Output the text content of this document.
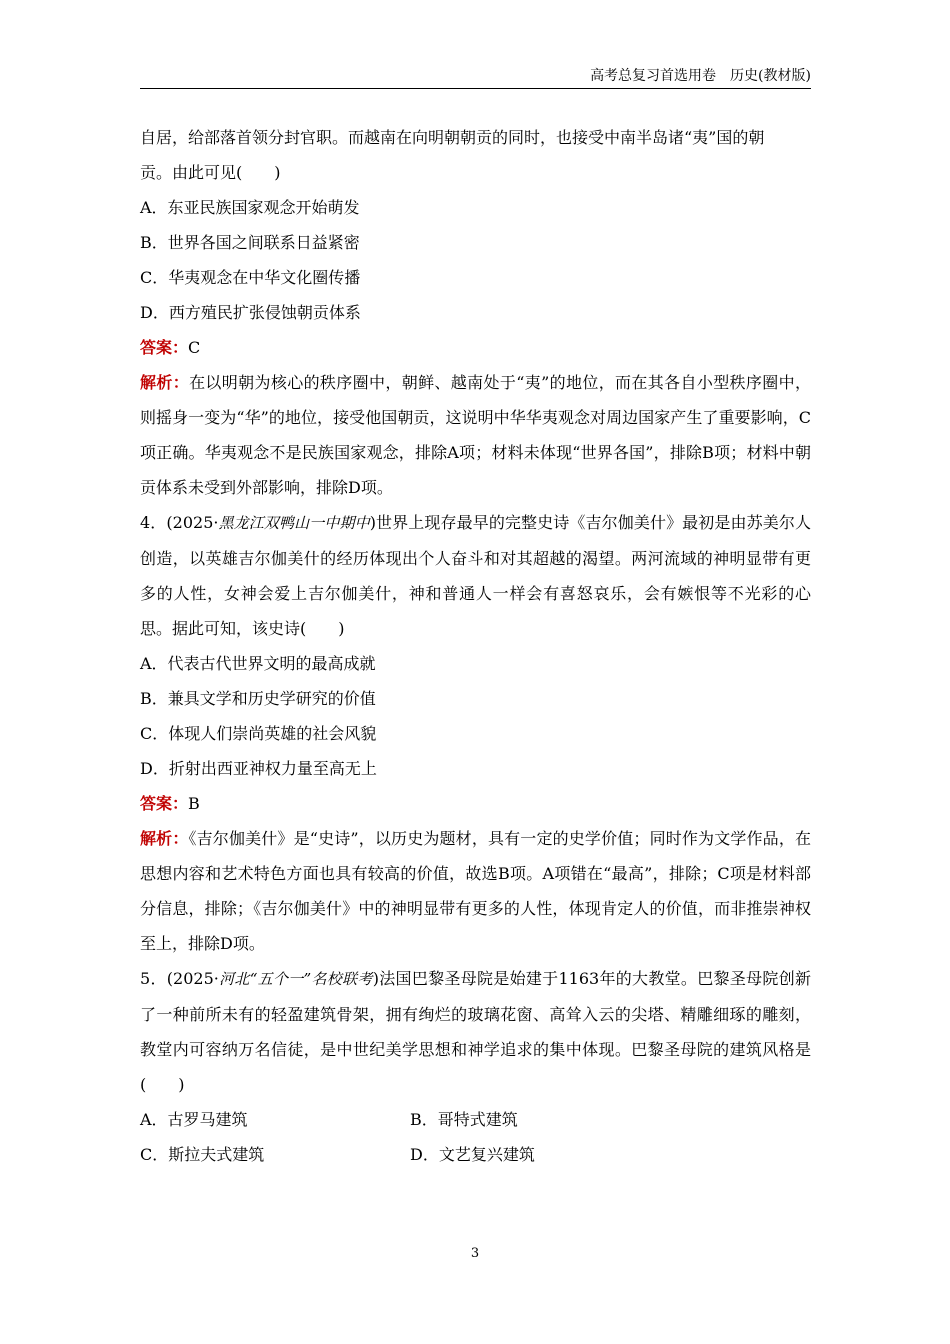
高考总复习首选用卷　历史(教材版)

自居，给部落首领分封官职。而越南在向明朝朝贡的同时，也接受中南半岛诸“夷”国的朝

贡。由此可见(　　)

A．东亚民族国家观念开始萌发

B．世界各国之间联系日益紧密

C．华夷观念在中华文化圈传播

D．西方殖民扩张侵蚀朝贡体系

答案：C

解析：在以明朝为核心的秩序圈中，朝鲜、越南处于“夷”的地位，而在其各自小型秩序圈中，则摇身一变为“华”的地位，接受他国朝贡，这说明中华华夷观念对周边国家产生了重要影响，C项正确。华夷观念不是民族国家观念，排除A项；材料未体现“世界各国”，排除B项；材料中朝贡体系未受到外部影响，排除D项。

4．(2025·黑龙江双鸭山一中期中)世界上现存最早的完整史诗《吉尔伽美什》最初是由苏美尔人创造，以英雄吉尔伽美什的经历体现出个人奋斗和对其超越的渴望。两河流域的神明显带有更多的人性，女神会爱上吉尔伽美什，神和普通人一样会有喜怒哀乐，会有嫉恨等不光彩的心思。据此可知，该史诗(　　)

A．代表古代世界文明的最高成就

B．兼具文学和历史学研究的价值

C．体现人们崇尚英雄的社会风貌

D．折射出西亚神权力量至高无上

答案：B

解析：《吉尔伽美什》是“史诗”，以历史为题材，具有一定的史学价值；同时作为文学作品，在思想内容和艺术特色方面也具有较高的价值，故选B项。A项错在“最高”，排除；C项是材料部分信息，排除；《吉尔伽美什》中的神明显带有更多的人性，体现肯定人的价值，而非推崇神权至上，排除D项。

5．(2025·河北“五个一”名校联考)法国巴黎圣母院是始建于1163年的大教堂。巴黎圣母院创新了一种前所未有的轻盈建筑骨架，拥有绚烂的玻璃花窗、高耸入云的尖塔、精雕细琢的雕刻，教堂内可容纳万名信徒，是中世纪美学思想和神学追求的集中体现。巴黎圣母院的建筑风格是(　　)

A．古罗马建筑	B．哥特式建筑
C．斯拉夫式建筑	D．文艺复兴建筑
3
